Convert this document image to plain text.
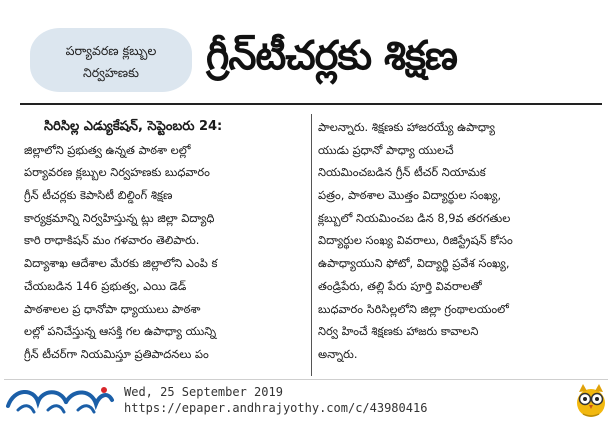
పర్యావరణ క్లబ్బుల
నిర్వహణకు	గ్రీన్‌టీచర్లకు శిక్షణ
సిరిసిల్ల ఎడ్యుకేషన్‌, సెప్టెంబరు 24:
జిల్లాలోని ప్రభుత్వ ఉన్నత పాఠశా లల్లో
పర్యావరణ క్లబ్బుల నిర్వహణకు బుధవారం
గ్రీన్‌ టీచర్లకు కెపాసిటీ బిల్డింగ్‌ శిక్షణ
కార్యక్రమాన్ని నిర్వహిస్తున్న ట్లు జిల్లా విద్యాధి
కారి రాధాకిషన్‌ మం గళవారం తెలిపారు.
విద్యాశాఖ ఆదేశాల మేరకు జిల్లాలోని ఎంపి క
చేయబడిన 146 ప్రభుత్వ, ఎయి డెడ్‌
పాఠశాలల ప్ర ధానోపా ధ్యాయులు పాఠశా
లల్లో పనిచేస్తున్న ఆసక్తి గల ఉపాధ్యా యున్ని
గ్రీన్‌ టీచర్‌గా నియమిస్తూ ప్రతిపాదనలు పం
పాలన్నారు. శిక్షణకు హాజరయ్యే ఉపాధ్యా
యుడు ప్రధానో పాధ్యా యులచే
నియమించబడిన గ్రీన్‌ టీచర్‌ నియామక
పత్రం, పాఠశాల మొత్తం విద్యార్థుల సంఖ్య,
క్లబ్బులో నియమించబ డిన 8,9వ తరగతుల
విద్యార్థుల సంఖ్య వివరాలు, రిజిస్ట్రేషన్‌ కోసం
ఉపాధ్యాయుని ఫోటో, విద్యార్థి ప్రవేశ సంఖ్య,
తండ్రిపేరు, తల్లి పేరు పూర్తి వివరాలతో
బుధవారం సిరిసిల్లలోని జిల్లా గ్రంథాలయంలో
నిర్వ హించే శిక్షణకు హాజరు కావాలని
అన్నారు.
Wed, 25 September 2019
https://epaper.andhrajyothy.com/c/43980416
